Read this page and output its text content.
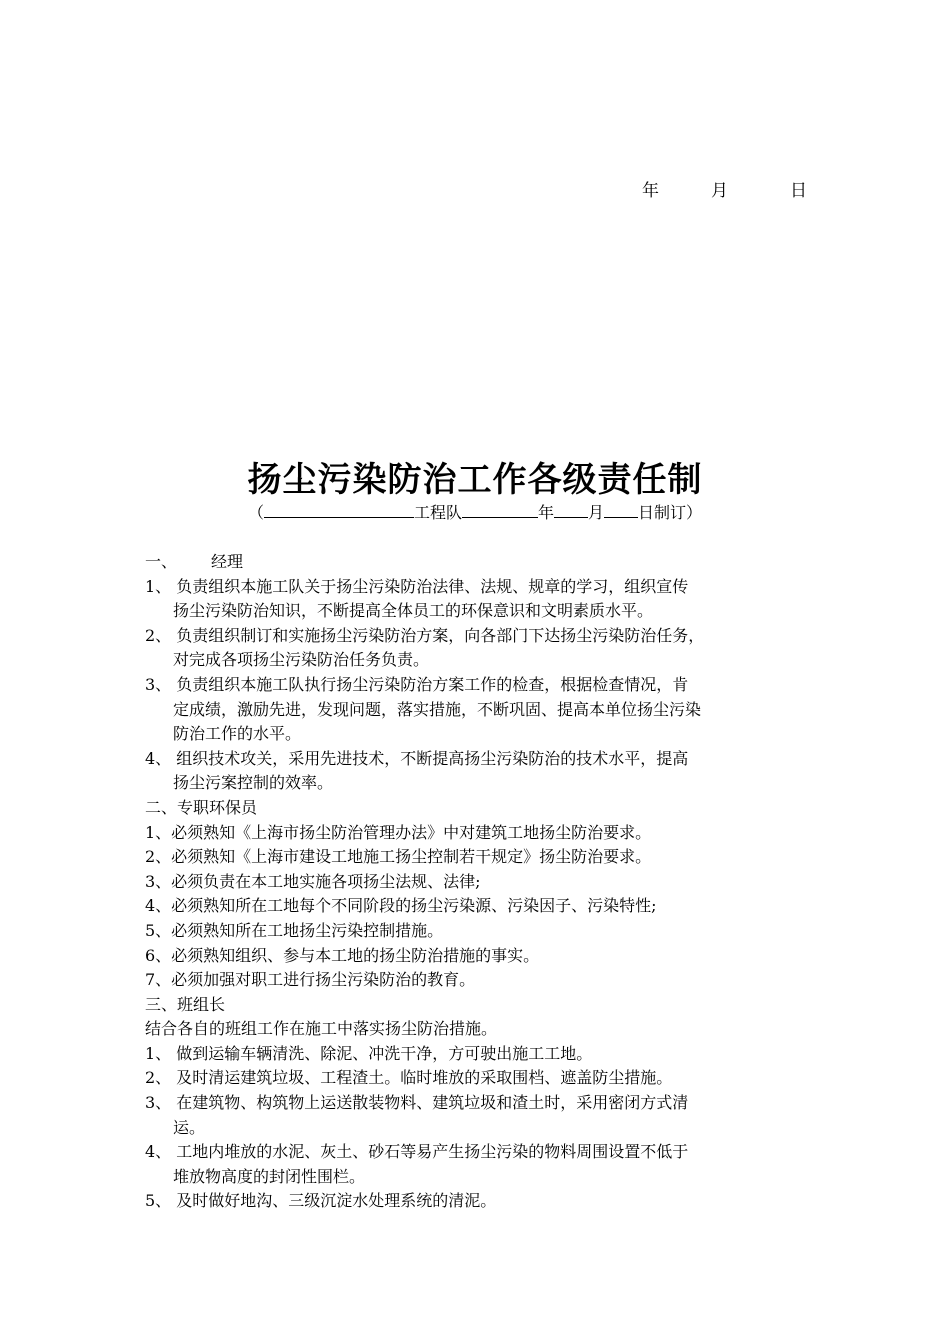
年	月	日
扬尘污染防治工作各级责任制
（	工程队	年 月 日制订）
一、 经理
1、 负责组织本施工队关于扬尘污染防治法律、法规、规章的学习，组织宣传
扬尘污染防治知识，不断提高全体员工的环保意识和文明素质水平。
2、 负责组织制订和实施扬尘污染防治方案，向各部门下达扬尘污染防治任务，
对完成各项扬尘污染防治任务负责。
3、 负责组织本施工队执行扬尘污染防治方案工作的检查，根据检查情况，肯
定成绩，激励先进，发现问题，落实措施，不断巩固、提高本单位扬尘污染
防治工作的水平。
4、 组织技术攻关，采用先进技术，不断提高扬尘污染防治的技术水平，提高
扬尘污案控制的效率。
二、专职环保员
1、必须熟知《上海市扬尘防治管理办法》中对建筑工地扬尘防治要求。
2、必须熟知《上海市建设工地施工扬尘控制若干规定》扬尘防治要求。
3、必须负责在本工地实施各项扬尘法规、法律;
4、必须熟知所在工地每个不同阶段的扬尘污染源、污染因子、污染特性;
5、必须熟知所在工地扬尘污染控制措施。
6、必须熟知组织、参与本工地的扬尘防治措施的事实。
7、必须加强对职工进行扬尘污染防治的教育。
三、班组长
结合各自的班组工作在施工中落实扬尘防治措施。
1、 做到运输车辆清洗、除泥、冲洗干净，方可驶出施工工地。
2、 及时清运建筑垃圾、工程渣土。临时堆放的采取围档、遮盖防尘措施。
3、 在建筑物、构筑物上运送散装物料、建筑垃圾和渣土时，采用密闭方式清
运。
4、 工地内堆放的水泥、灰土、砂石等易产生扬尘污染的物料周围设置不低于
堆放物高度的封闭性围栏。
5、 及时做好地沟、三级沉淀水处理系统的清泥。
